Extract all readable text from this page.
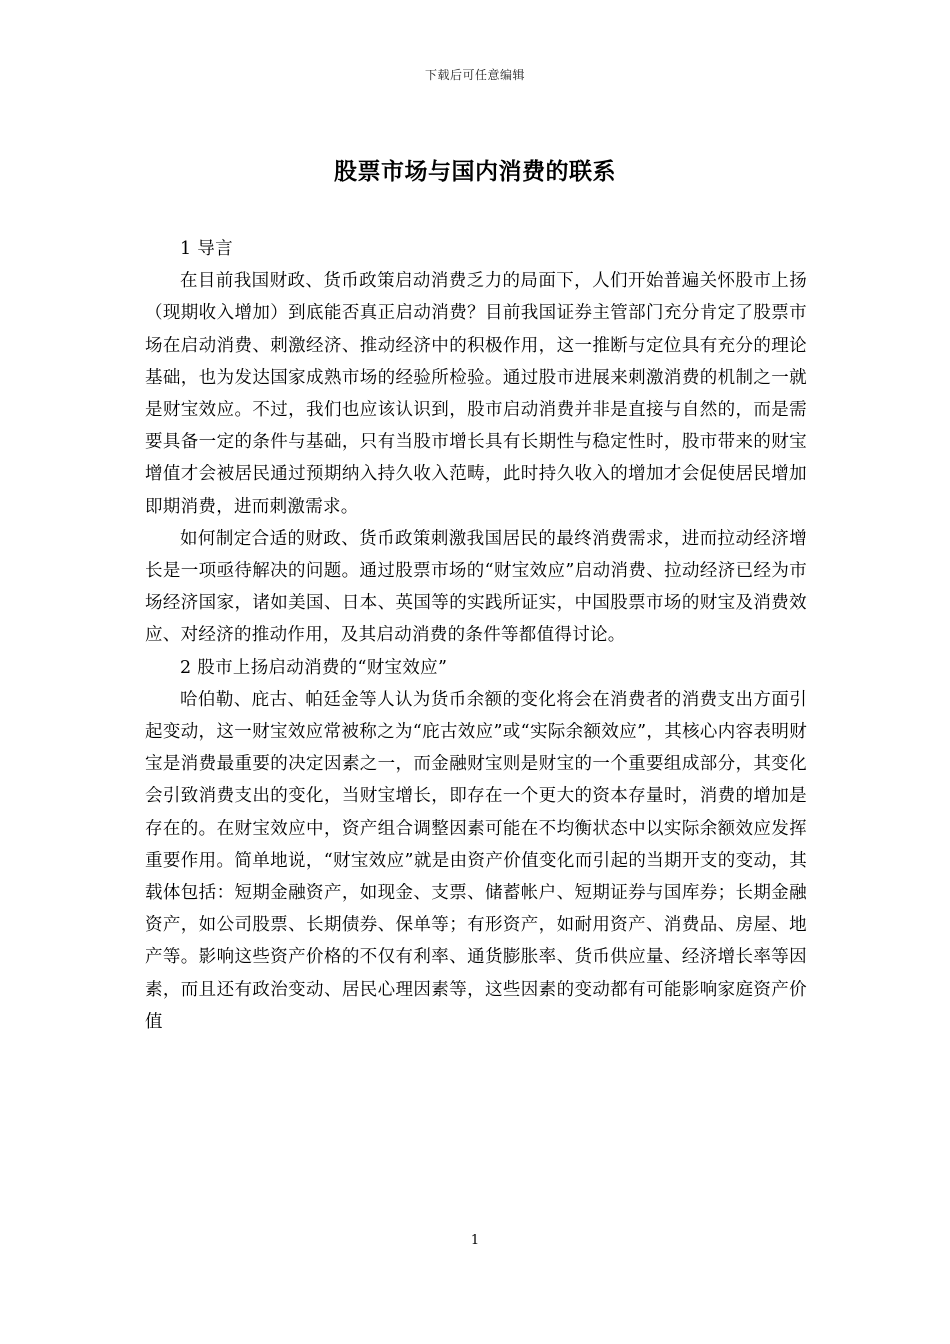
下载后可任意编辑
股票市场与国内消费的联系
1 导言

在目前我国财政、货币政策启动消费乏力的局面下，人们开始普遍关怀股市上扬（现期收入增加）到底能否真正启动消费？目前我国证券主管部门充分肯定了股票市场在启动消费、刺激经济、推动经济中的积极作用，这一推断与定位具有充分的理论基础，也为发达国家成熟市场的经验所检验。通过股市进展来刺激消费的机制之一就是财宝效应。不过，我们也应该认识到，股市启动消费并非是直接与自然的，而是需要具备一定的条件与基础，只有当股市增长具有长期性与稳定性时，股市带来的财宝增值才会被居民通过预期纳入持久收入范畴，此时持久收入的增加才会促使居民增加即期消费，进而刺激需求。

如何制定合适的财政、货币政策刺激我国居民的最终消费需求，进而拉动经济增长是一项亟待解决的问题。通过股票市场的“财宝效应”启动消费、拉动经济已经为市场经济国家，诸如美国、日本、英国等的实践所证实，中国股票市场的财宝及消费效应、对经济的推动作用，及其启动消费的条件等都值得讨论。

2 股市上扬启动消费的“财宝效应”

哈伯勒、庇古、帕廷金等人认为货币余额的变化将会在消费者的消费支出方面引起变动，这一财宝效应常被称之为“庇古效应”或“实际余额效应”，其核心内容表明财宝是消费最重要的决定因素之一，而金融财宝则是财宝的一个重要组成部分，其变化会引致消费支出的变化，当财宝增长，即存在一个更大的资本存量时，消费的增加是存在的。在财宝效应中，资产组合调整因素可能在不均衡状态中以实际余额效应发挥重要作用。简单地说，“财宝效应”就是由资产价值变化而引起的当期开支的变动，其载体包括：短期金融资产，如现金、支票、储蓄帐户、短期证券与国库券；长期金融资产，如公司股票、长期债券、保单等；有形资产，如耐用资产、消费品、房屋、地产等。影响这些资产价格的不仅有利率、通货膨胀率、货币供应量、经济增长率等因素，而且还有政治变动、居民心理因素等，这些因素的变动都有可能影响家庭资产价值

1
